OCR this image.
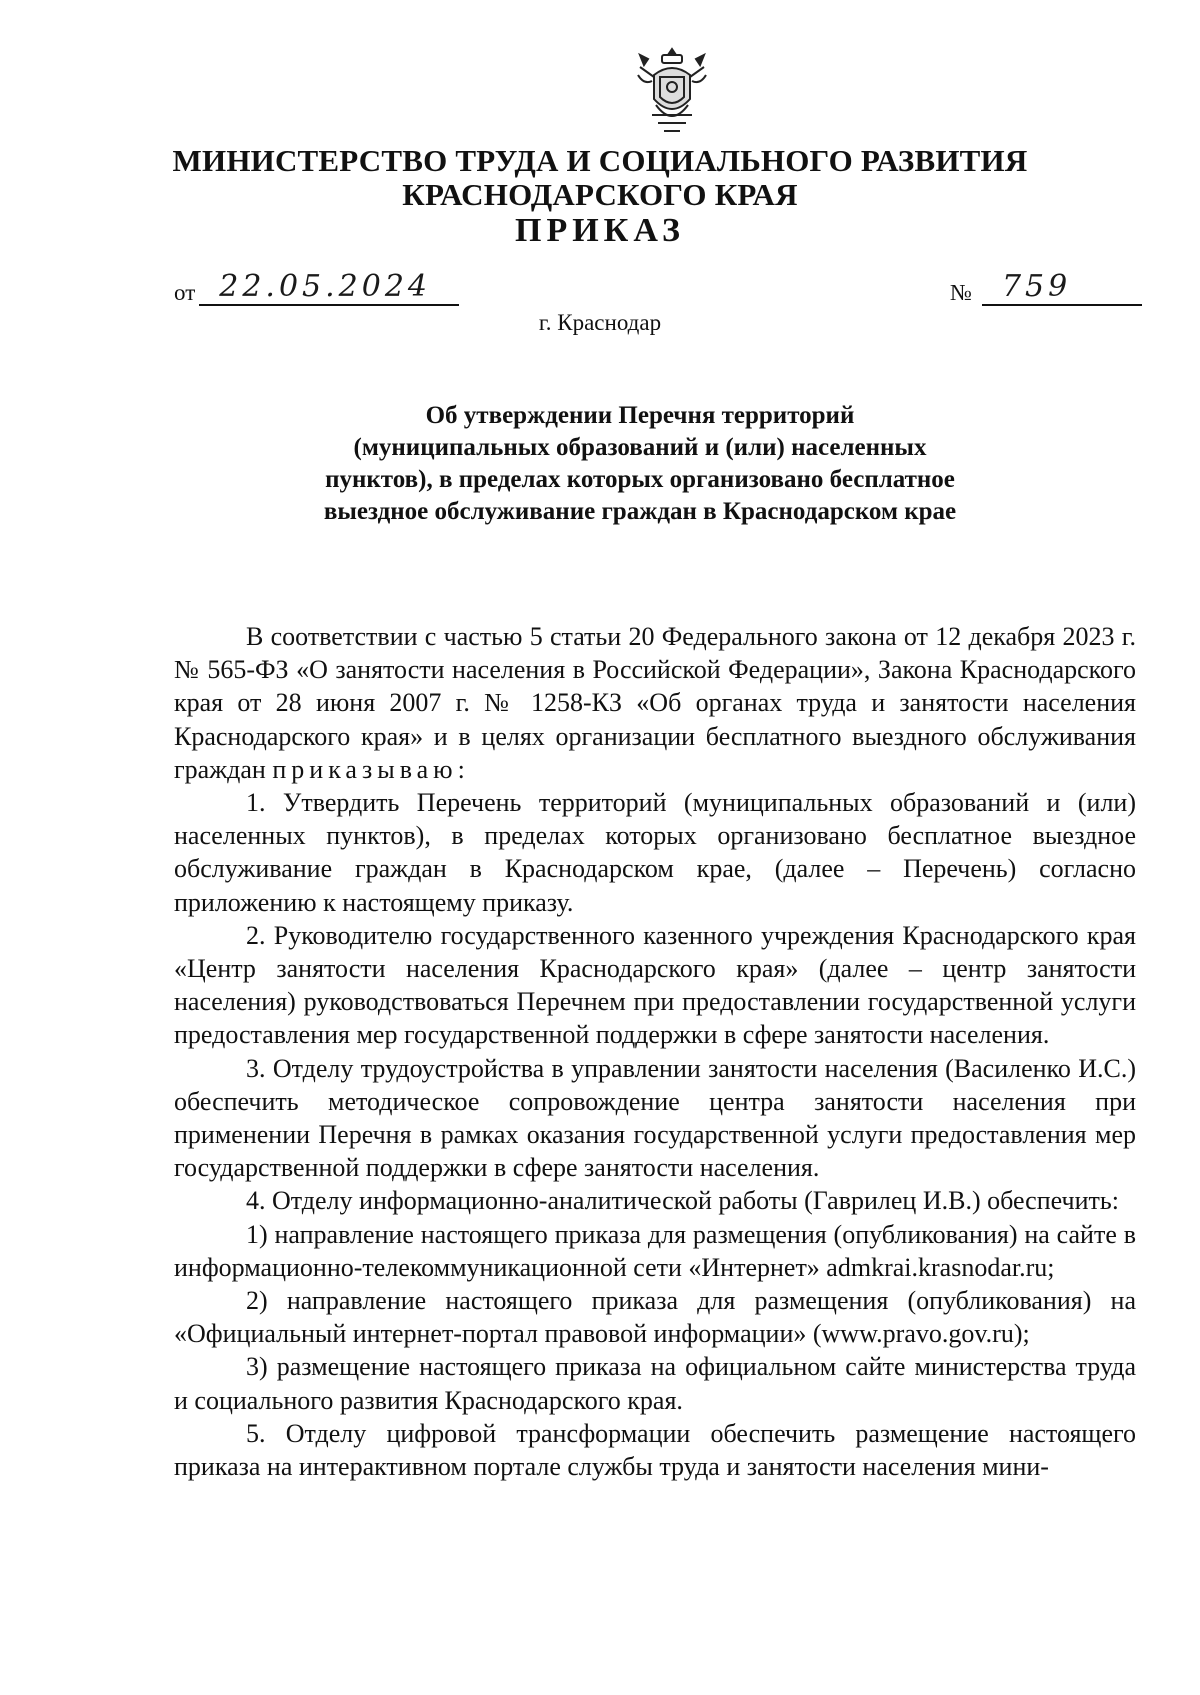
МИНИСТЕРСТВО ТРУДА И СОЦИАЛЬНОГО РАЗВИТИЯ
КРАСНОДАРСКОГО КРАЯ
ПРИКАЗ
от 22.05.2024	№ 759
г. Краснодар
Об утверждении Перечня территорий
(муниципальных образований и (или) населенных
пунктов), в пределах которых организовано бесплатное
выездное обслуживание граждан в Краснодарском крае

В соответствии с частью 5 статьи 20 Федерального закона от 12 декабря 2023 г. № 565-ФЗ «О занятости населения в Российской Федерации», Закона Краснодарского края от 28 июня 2007 г. № 1258-КЗ «Об органах труда и занятости населения Краснодарского края» и в целях организации бесплатного выездного обслуживания граждан приказываю:

1. Утвердить Перечень территорий (муниципальных образований и (или) населенных пунктов), в пределах которых организовано бесплатное выездное обслуживание граждан в Краснодарском крае, (далее – Перечень) согласно приложению к настоящему приказу.

2. Руководителю государственного казенного учреждения Краснодарского края «Центр занятости населения Краснодарского края» (далее – центр занятости населения) руководствоваться Перечнем при предоставлении государственной услуги предоставления мер государственной поддержки в сфере занятости населения.

3. Отделу трудоустройства в управлении занятости населения (Василенко И.С.) обеспечить методическое сопровождение центра занятости населения при применении Перечня в рамках оказания государственной услуги предоставления мер государственной поддержки в сфере занятости населения.

4. Отделу информационно-аналитической работы (Гаврилец И.В.) обеспечить:

1) направление настоящего приказа для размещения (опубликования) на сайте в информационно-телекоммуникационной сети «Интернет» admkrai.krasnodar.ru;

2) направление настоящего приказа для размещения (опубликования) на «Официальный интернет-портал правовой информации» (www.pravo.gov.ru);

3) размещение настоящего приказа на официальном сайте министерства труда и социального развития Краснодарского края.

5. Отделу цифровой трансформации обеспечить размещение настоящего приказа на интерактивном портале службы труда и занятости населения мини-
